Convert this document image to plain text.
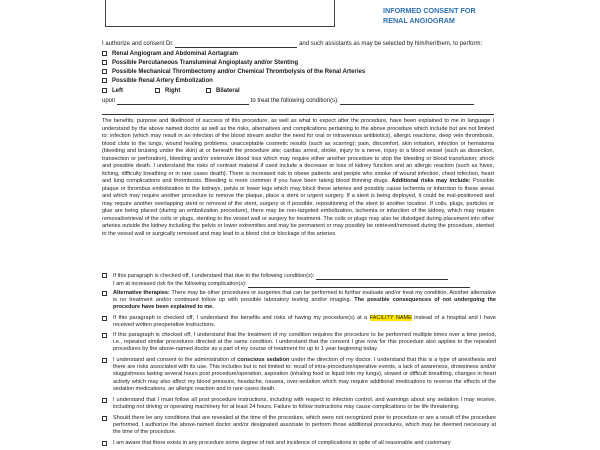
INFORMED CONSENT FOR
RENAL ANGIOGRAM
I authorize and consent Dr.	and such assistants as may be selected by him/her/them, to perform:
Renal Angiogram and Abdominal Aortagram
Possible Percutaneous Transluminal Angioplasty and/or Stenting
Possible Mechanical Thrombectomy and/or Chemical Thrombolysis of the Renal Arteries
Possible Renal Artery Embolization
Left	Right	Bilateral
upon	to treat the following condition(s):
The benefits, purpose and likelihood of success of this procedure, as well as what to expect after the procedure, have been explained to me in language I understand by the above named doctor as well as the risks, alternatives and complications pertaining to the above procedure which include but are not limited to: infection (which may result in an infection of the blood stream and/or the need for oral or intravenous antibiotics), allergic reactions, deep vein thrombosis, blood clots to the lungs, wound healing problems, unacceptable cosmetic results (such as scarring); pain, discomfort, skin irritation, infection or hematoma (bleeding and bruising under the skin) at or beneath the procedure site; cardiac arrest, stroke, injury to a nerve, injury to a blood vessel (such as dissection, transection or perforation), bleeding and/or extensive blood loss which may require either another procedure to stop the bleeding or blood transfusion; shock and possible death. I understand the risks of contrast material if used include a decrease or loss of kidney function and an allergic reaction (such as hives, itching, difficulty breathing or in rare cases death). There is increased risk in obese patients and people who smoke of wound infection, chest infection, heart and lung complications and thrombosis. Bleeding is more common if you have been taking blood thinning drugs. Additional risks may include: Possible plaque or thrombus embolization to the kidneys, pelvis or lower legs which may block these arteries and possibly cause ischemia or infarction to these areas and which may require another procedure to remove the plaque, place a stent or urgent surgery. If a stent is being deployed, it could be mal-positioned and may require another overlapping stent or removal of the stent, surgery or if possible, repositioning of the stent to another location. If coils, plugs, particles or glue are being placed (during an embolization procedure), there may be non-targeted embolization, ischemia or infarction of the kidney, which may require removal/retrieval of the coils or plugs, stenting to the vessel wall or surgery for treatment. The coils or plugs may also be dislodged during placement into other arteries outside the kidney including the pelvis or lower extremities and may be permanent or may possibly be retrieved/removed during the procedure, stented to the vessel wall or surgically removed and may lead to a blood clot or blockage of the arteries.
If this paragraph is checked off, I understand that due to the following condition(s):
I am at increased risk for the following complication(s):
Alternative therapies: There may be other procedures or surgeries that can be performed to further evaluate and/or treat my condition. Another alternative is no treatment and/or continued follow up with possible laboratory testing and/or imaging. The possible consequences of not undergoing the procedure have been explained to me.
If this paragraph is checked off, I understand the benefits and risks of having my procedure(s) at a FACILITY NAME instead of a hospital and I have received written preoperative instructions.
If this paragraph is checked off, I understand that the treatment of my condition requires the procedure to be performed multiple times over a time period, i.e., repeated similar procedures directed at the same condition. I understand that the consent I give now for this procedure also applies to the repeated procedures by the above-named doctor as a part of my course of treatment for up to 1 year beginning today.
I understand and consent to the administration of conscious sedation under the direction of my doctor. I understand that this is a type of anesthesia and there are risks associated with its use. This includes but is not limited to: recall of intra-procedure/operative events, a lack of awareness, drowsiness and/or sluggishness lasting several hours post procedure/operation, aspiration (inhaling food or liquid into my lungs), slowed or difficult breathing, changes in heart activity which may also affect my blood pressure, headache, nausea, over-sedation which may require additional medications to reverse the effects of the sedation medications, an allergic reaction and in rare cases death.
I understand that I must follow all post procedure instructions, including with respect to infection control, and warnings about any sedation I may receive, including not driving or operating machinery for at least 24 hours. Failure to follow instructions may cause complications or be life threatening.
Should there be any conditions that are revealed at the time of the procedure, which were not recognized prior to procedure or are a result of the procedure performed, I authorize the above-named doctor and/or designated associate to perform those additional procedures, which may be deemed necessary at the time of the procedure.
I am aware that there exists in any procedure some degree of risk and incidence of complications in spite of all reasonable and customary
